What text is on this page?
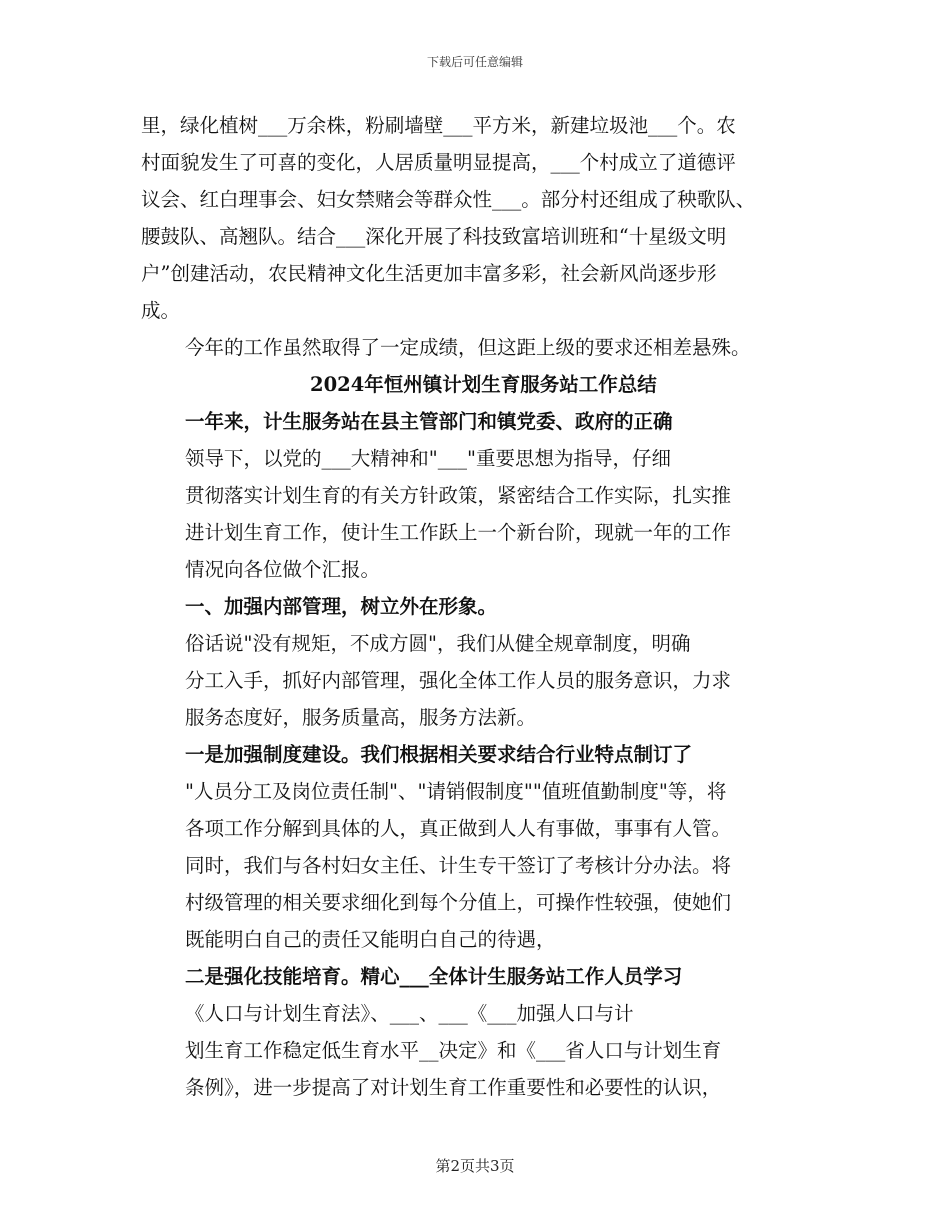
下载后可任意编辑
里，绿化植树___万余株，粉刷墙壁___平方米，新建垃圾池___个。农
村面貌发生了可喜的变化，人居质量明显提高，___个村成立了道德评
议会、红白理事会、妇女禁赌会等群众性___。部分村还组成了秧歌队、
腰鼓队、高翘队。结合___深化开展了科技致富培训班和“十星级文明
户”创建活动，农民精神文化生活更加丰富多彩，社会新风尚逐步形
成。
今年的工作虽然取得了一定成绩，但这距上级的要求还相差悬殊。
2024年恒州镇计划生育服务站工作总结
一年来，计生服务站在县主管部门和镇党委、政府的正确
领导下，以党的___大精神和"___"重要思想为指导，仔细
贯彻落实计划生育的有关方针政策，紧密结合工作实际，扎实推
进计划生育工作，使计生工作跃上一个新台阶，现就一年的工作
情况向各位做个汇报。
一、加强内部管理，树立外在形象。
俗话说"没有规矩，不成方圆"，我们从健全规章制度，明确
分工入手，抓好内部管理，强化全体工作人员的服务意识，力求
服务态度好，服务质量高，服务方法新。
一是加强制度建设。我们根据相关要求结合行业特点制订了
"人员分工及岗位责任制"、"请销假制度""值班值勤制度"等，将
各项工作分解到具体的人，真正做到人人有事做，事事有人管。
同时，我们与各村妇女主任、计生专干签订了考核计分办法。将
村级管理的相关要求细化到每个分值上，可操作性较强，使她们
既能明白自己的责任又能明白自己的待遇，
二是强化技能培育。精心___全体计生服务站工作人员学习
《人口与计划生育法》、___、___《___加强人口与计
划生育工作稳定低生育水平__决定》和《___省人口与计划生育
条例》，进一步提高了对计划生育工作重要性和必要性的认识，
第2页共3页
